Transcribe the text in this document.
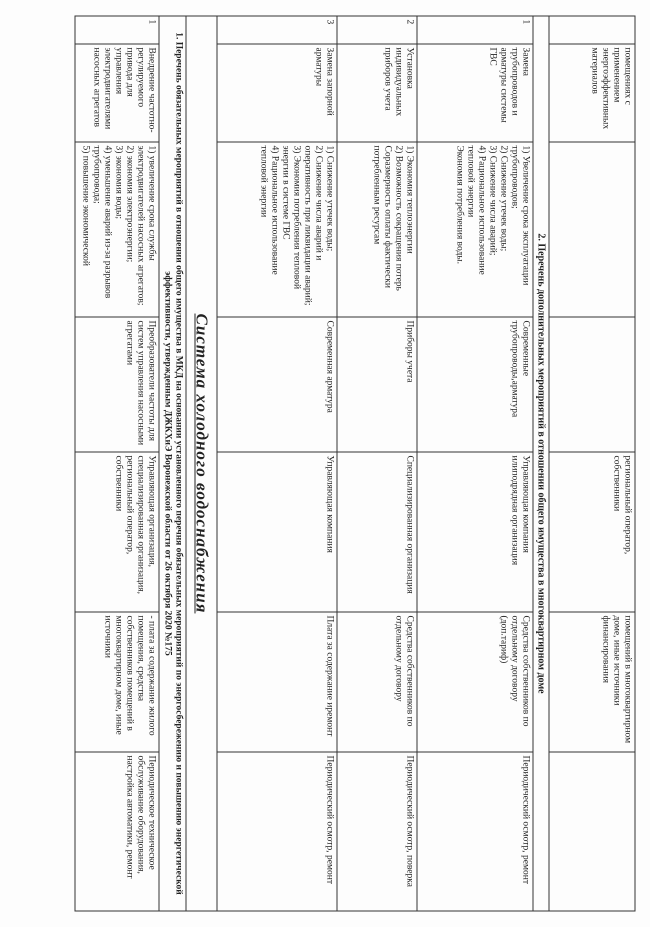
	помещениях с применением энергоэффективных материалов			региональный оператор, собственники	помещений в многоквартирном доме, иные источники финансирования	
2. Перечень дополнительных мероприятий в отношении общего имущества в многоквартирном доме						
1	Замена трубопроводов и арматуры системы ГВС	1) Увеличение срока эксплуатации трубопроводов;
2) Снижение утечек воды;
3) Снижение числа аварий;
4) Рациональное использование тепловой энергии
Экономия потребления воды.	Современные трубопроводы,арматура	Управляющая компания илиподрядная организация	Средства собственников по отдельному договору (доп.тариф)	Периодический осмотр, ремонт
2	Установка индивидуальных приборов учета	1) Экономия теплоэнергии
2) Возможность сокращения потерь
Соразмерность оплаты фактически потребленным ресурсам	Приборы учета	Специализированная организация	Средства собственников по отдельному договору	Периодический осмотр, поверка
3	Замена запорной арматуры	1) Снижение утечек воды;
2) Снижение числа аварий и оперативность при ликвидации аварий;
3) Экономия потребления тепловой энергии в системе ГВС
4) Рациональное использование тепловой энергии	Современная арматура	Управляющая компания	Плата за содержание иремонт	Периодический осмотр, ремонт
Система холодного водоснабжения						
1. Перечень обязательных мероприятий в отношении общего имущества в МКД на основании установленного перечня обязательных мероприятий по энергосбережению и повышению энергетической эффективности, утвержденным ДЖКХиЭ Воронежской области от 26 октября 2020 №175						
1	Внедрение частотно-регулируемого привода для управления электродвигателями насосных агрегатов	1) увеличение срока службы электродвигателей насосных агрегатов;
2) экономия электроэнергии;
3) экономия воды;
4) уменьшение аварий из-за разрывов трубопровода;
5) повышение экономической	Преобразователи частоты для систем управления насосными агрегатами	Управляющая организация, специализированная организация, региональный оператор, собственники	- плата за содержание жилого помещения, средства собственников помещений в многоквартирном доме, иные источники	Периодическое техническое обслуживание оборудования, настройка автоматики, ремонт
